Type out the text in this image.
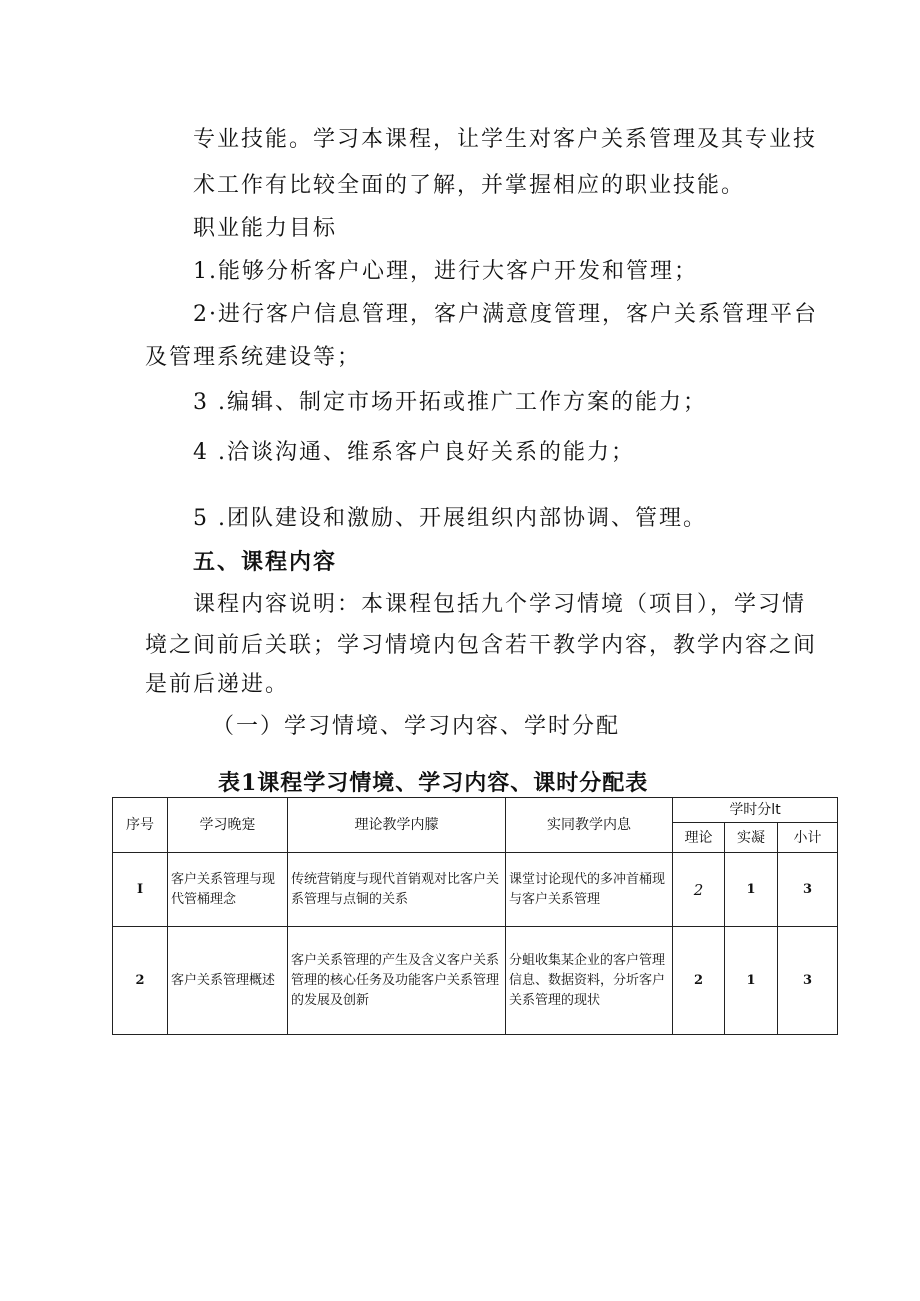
专业技能。学习本课程，让学生对客户关系管理及其专业技
术工作有比较全面的了解，并掌握相应的职业技能。
职业能力目标
1.能够分析客户心理，进行大客户开发和管理；
2·进行客户信息管理，客户满意度管理，客户关系管理平台
及管理系统建设等；
3 .编辑、制定市场开拓或推广工作方案的能力；
4 .洽谈沟通、维系客户良好关系的能力；
5 .团队建设和激励、开展组织内部协调、管理。
五、课程内容
课程内容说明：本课程包括九个学习情境（项目），学习情
境之间前后关联；学习情境内包含若干教学内容，教学内容之间
是前后递进。
（一）学习情境、学习内容、学时分配
表1课程学习情境、学习内容、课时分配表
序号	学习晚寔	理论教学内朦	实同教学内息	学时分lt		
				理论	实凝	小计
I	客户关系管理与现代管桶理念	传统营销度与现代首销观对比客户关系管理与点铜的关系	课堂讨论现代的多冲首桶现与客户关系管理	2	1	3
2	客户关系管理概述	客户关系管理的产生及含义客户关系管理的核心任务及功能客户关系管理的发展及创新	分蛆收集某企业的客户管理信息、数据资料，分圻客户关系管理的现状	2	1	3
